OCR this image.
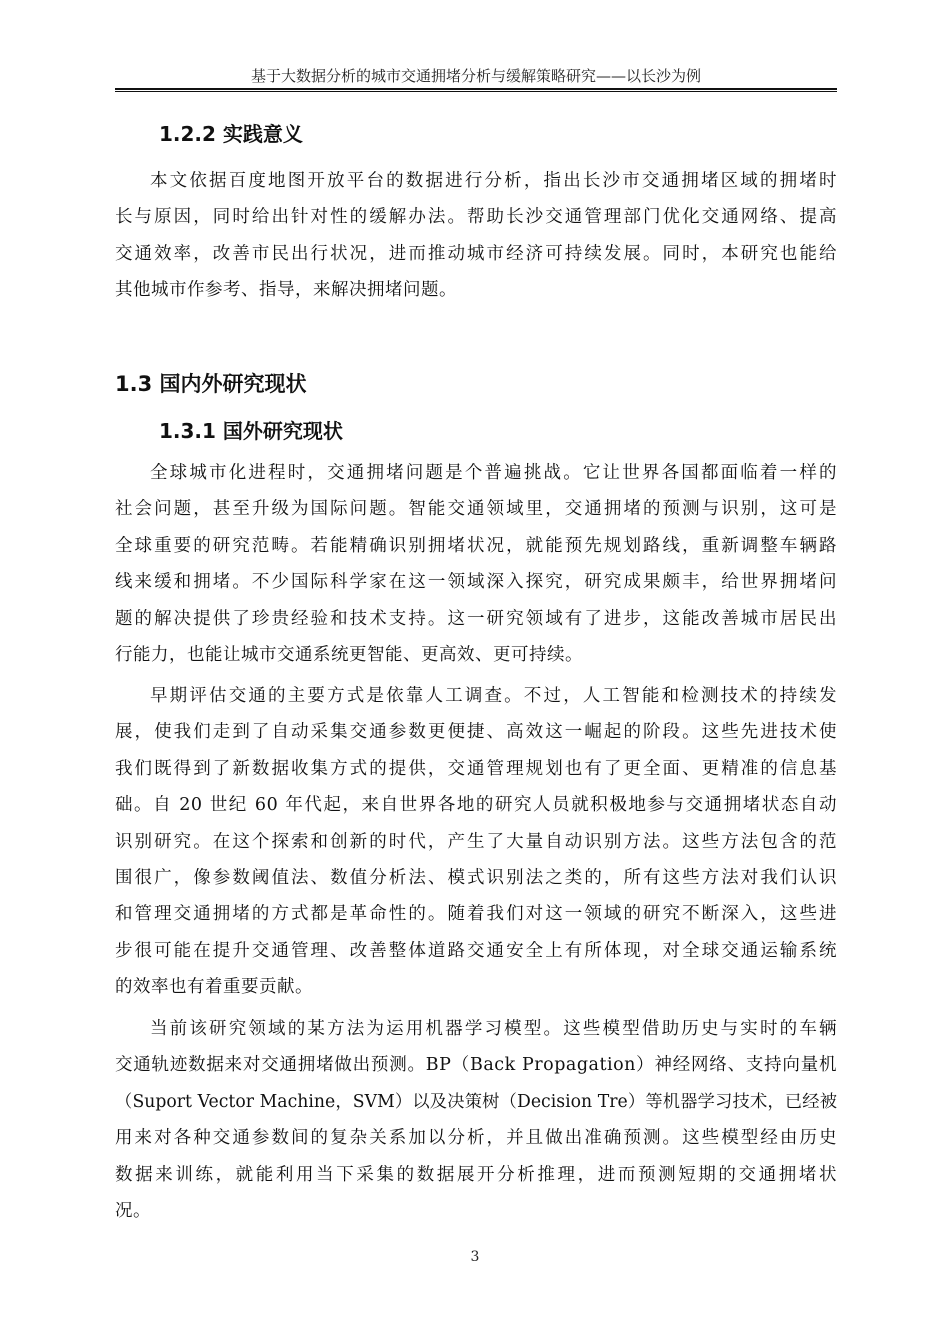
基于大数据分析的城市交通拥堵分析与缓解策略研究——以长沙为例
1.2.2 实践意义
本文依据百度地图开放平台的数据进行分析，指出长沙市交通拥堵区域的拥堵时
长与原因，同时给出针对性的缓解办法。帮助长沙交通管理部门优化交通网络、提高
交通效率，改善市民出行状况，进而推动城市经济可持续发展。同时，本研究也能给
其他城市作参考、指导，来解决拥堵问题。
1.3 国内外研究现状
1.3.1 国外研究现状
全球城市化进程时，交通拥堵问题是个普遍挑战。它让世界各国都面临着一样的
社会问题，甚至升级为国际问题。智能交通领域里，交通拥堵的预测与识别，这可是
全球重要的研究范畴。若能精确识别拥堵状况，就能预先规划路线，重新调整车辆路
线来缓和拥堵。不少国际科学家在这一领域深入探究，研究成果颇丰，给世界拥堵问
题的解决提供了珍贵经验和技术支持。这一研究领域有了进步，这能改善城市居民出
行能力，也能让城市交通系统更智能、更高效、更可持续。
早期评估交通的主要方式是依靠人工调查。不过，人工智能和检测技术的持续发
展，使我们走到了自动采集交通参数更便捷、高效这一崛起的阶段。这些先进技术使
我们既得到了新数据收集方式的提供，交通管理规划也有了更全面、更精准的信息基
础。自 20 世纪 60 年代起，来自世界各地的研究人员就积极地参与交通拥堵状态自动
识别研究。在这个探索和创新的时代，产生了大量自动识别方法。这些方法包含的范
围很广，像参数阈值法、数值分析法、模式识别法之类的，所有这些方法对我们认识
和管理交通拥堵的方式都是革命性的。随着我们对这一领域的研究不断深入，这些进
步很可能在提升交通管理、改善整体道路交通安全上有所体现，对全球交通运输系统
的效率也有着重要贡献。
当前该研究领域的某方法为运用机器学习模型。这些模型借助历史与实时的车辆
交通轨迹数据来对交通拥堵做出预测。BP（Back Propagation）神经网络、支持向量机
（Suport Vector Machine，SVM）以及决策树（Decision Tre）等机器学习技术，已经被
用来对各种交通参数间的复杂关系加以分析，并且做出准确预测。这些模型经由历史
数据来训练，就能利用当下采集的数据展开分析推理，进而预测短期的交通拥堵状
况。
3
